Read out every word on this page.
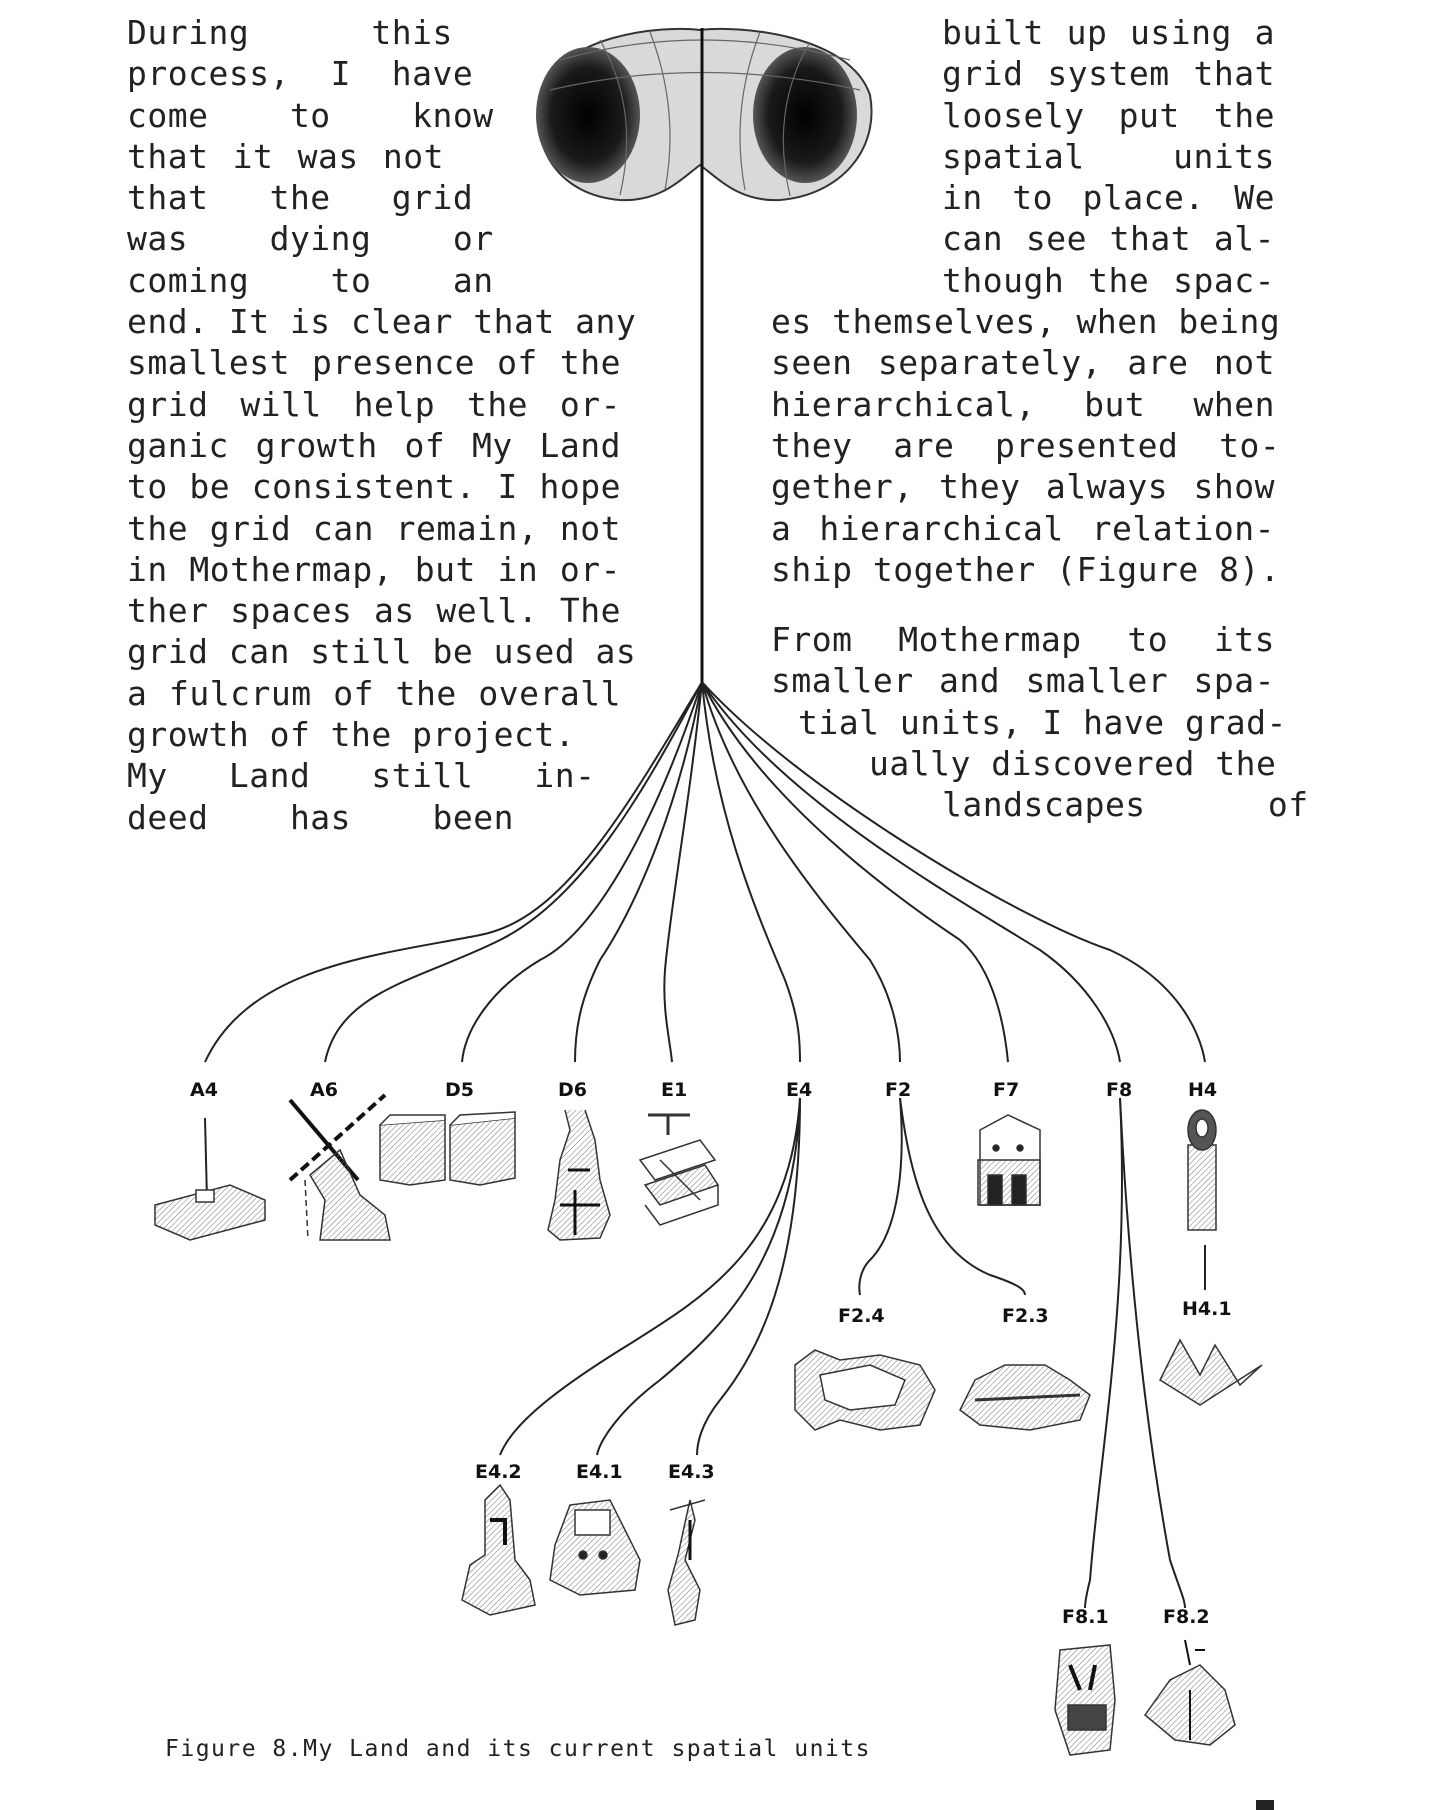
During      this
process,  I  have
come    to    know
that it was not
that   the   grid
was    dying    or
coming    to    an
end. It is clear that any
smallest presence of the
grid will help the or-
ganic growth of My Land
to be consistent. I hope
the grid can remain, not
in Mothermap, but in or-
ther spaces as well. The
grid can still be used as
a fulcrum of the overall
growth of the project.
My   Land   still   in-
deed    has    been
built up using a
grid system that
loosely put the
spatial    units
in to place. We
can see that al-
though the spac-
es themselves, when being
seen separately, are not
hierarchical,  but  when
they  are  presented  to-
gether, they always show
a hierarchical relation-
ship together (Figure 8).
From  Mothermap  to  its
smaller and smaller spa-
tial units, I have grad-
ually discovered the
landscapes      of
A4	A6	D5	D6	E1	E4	F2	F7	F8	H4
F2.4	F2.3	H4.1
E4.2	E4.1 E4.3
F8.1	F8.2
Figure 8.My Land and its current spatial units
